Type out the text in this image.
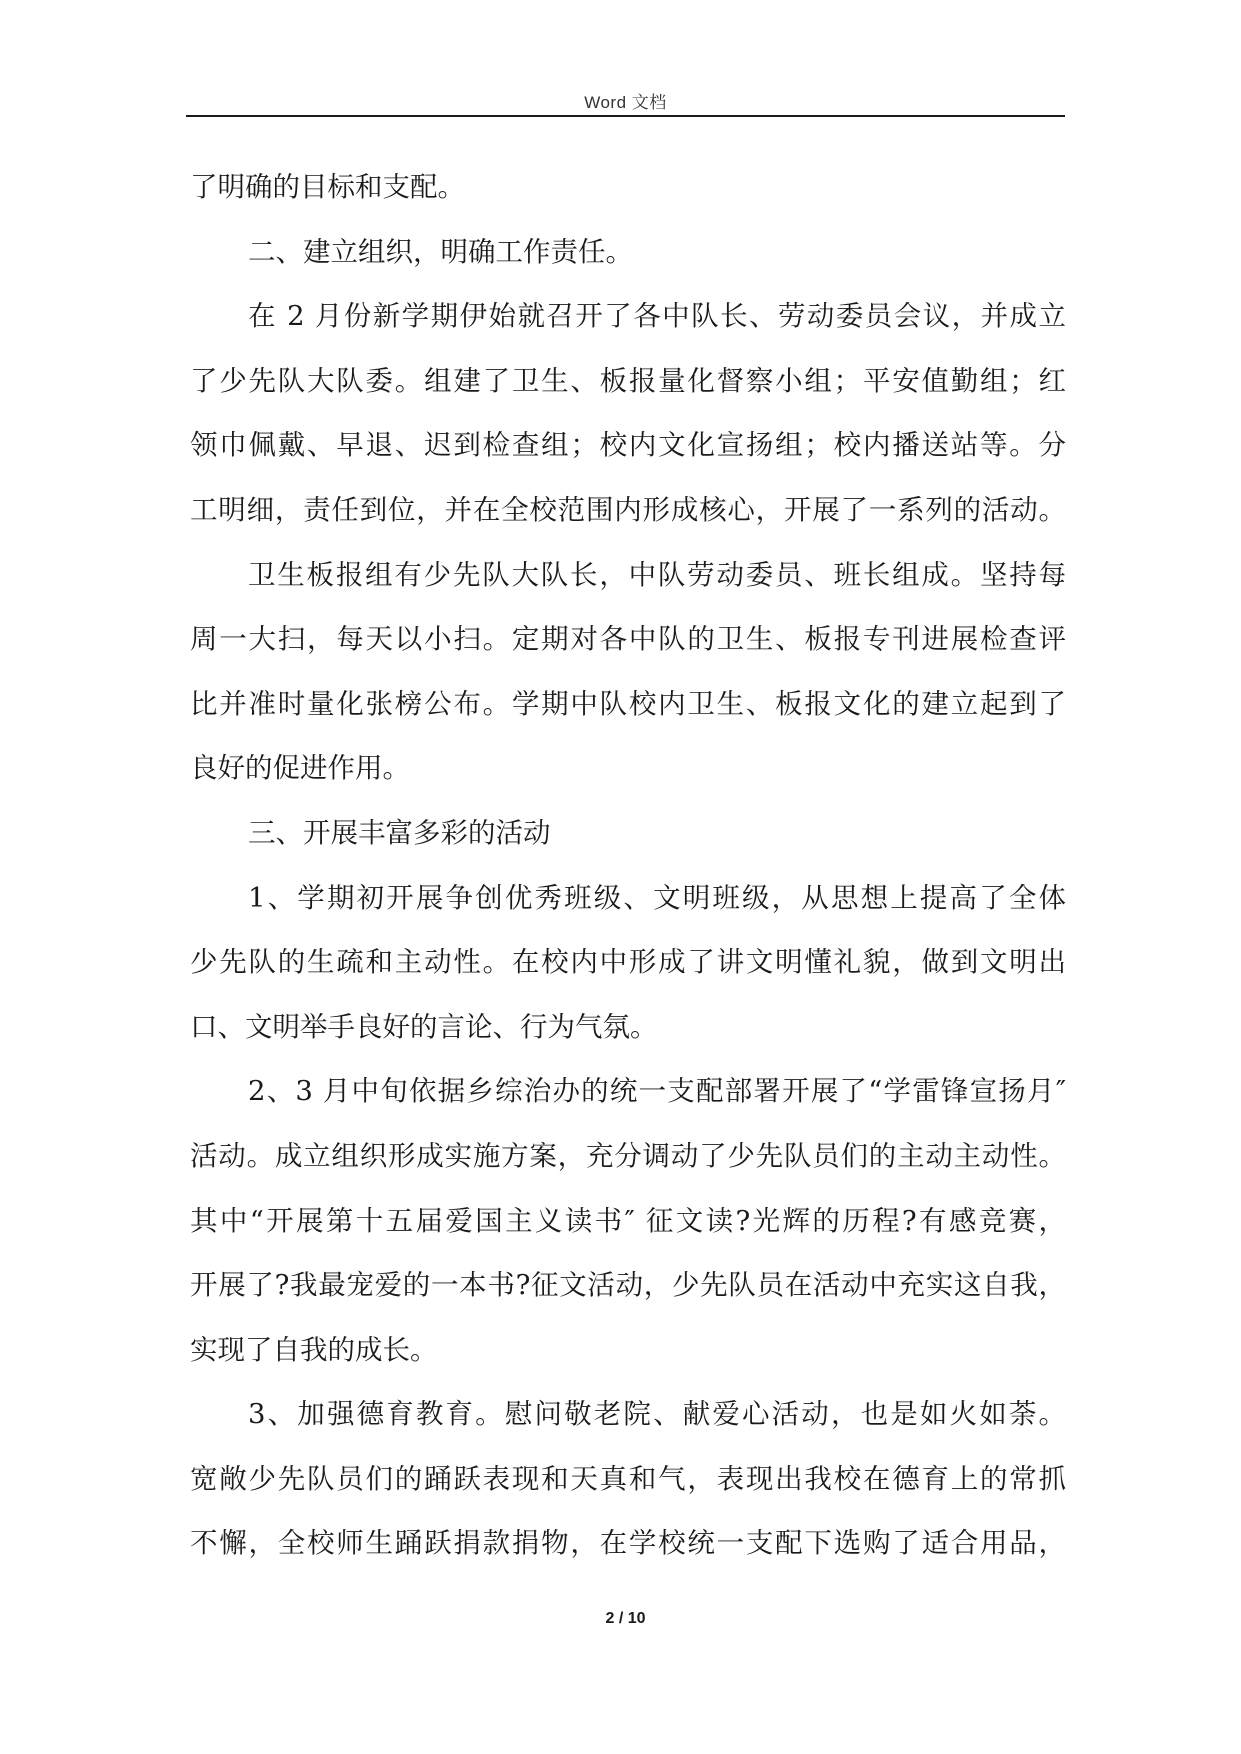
Word 文档
了明确的目标和支配。
二、建立组织，明确工作责任。
在 2 月份新学期伊始就召开了各中队长、劳动委员会议，并成立
了少先队大队委。组建了卫生、板报量化督察小组；平安值勤组；红
领巾佩戴、早退、迟到检查组；校内文化宣扬组；校内播送站等。分
工明细，责任到位，并在全校范围内形成核心，开展了一系列的活动。
卫生板报组有少先队大队长，中队劳动委员、班长组成。坚持每
周一大扫，每天以小扫。定期对各中队的卫生、板报专刊进展检查评
比并准时量化张榜公布。学期中队校内卫生、板报文化的建立起到了
良好的促进作用。
三、开展丰富多彩的活动
1、学期初开展争创优秀班级、文明班级，从思想上提高了全体
少先队的生疏和主动性。在校内中形成了讲文明懂礼貌，做到文明出
口、文明举手良好的言论、行为气氛。
2、3 月中旬依据乡综治办的统一支配部署开展了“学雷锋宣扬月″
活动。成立组织形成实施方案，充分调动了少先队员们的主动主动性。
其中“开展第十五届爱国主义读书″ 征文读?光辉的历程?有感竞赛，
开展了?我最宠爱的一本书?征文活动，少先队员在活动中充实这自我，
实现了自我的成长。
3、加强德育教育。慰问敬老院、献爱心活动，也是如火如荼。
宽敞少先队员们的踊跃表现和天真和气，表现出我校在德育上的常抓
不懈，全校师生踊跃捐款捐物，在学校统一支配下选购了适合用品，
2 / 10
